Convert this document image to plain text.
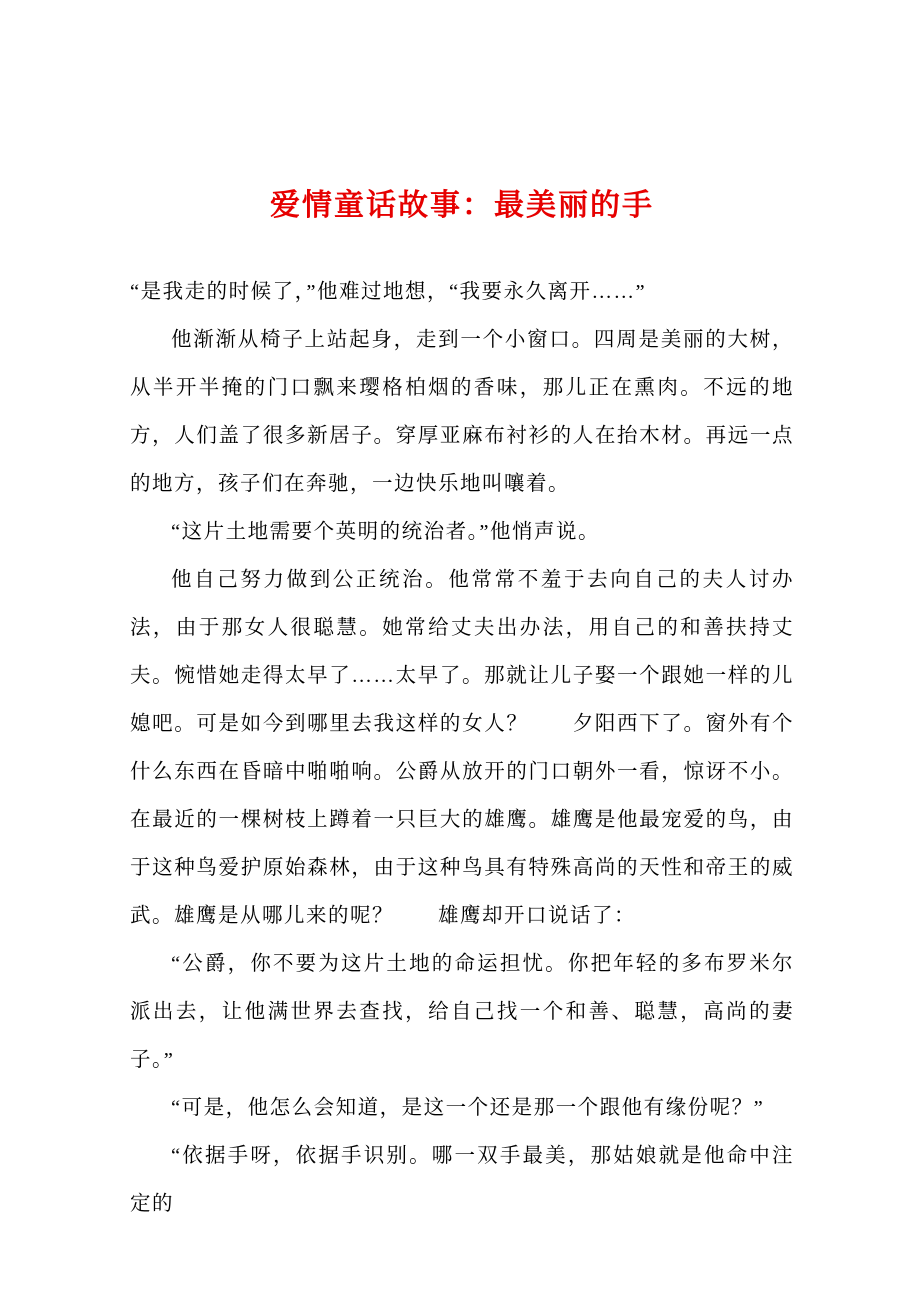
爱情童话故事：最美丽的手

“是我走的时候了，”他难过地想，“我要永久离开……”

他渐渐从椅子上站起身，走到一个小窗口。四周是美丽的大树，从半开半掩的门口飘来璎格柏烟的香味，那儿正在熏肉。不远的地方，人们盖了很多新居子。穿厚亚麻布衬衫的人在抬木材。再远一点的地方，孩子们在奔驰，一边快乐地叫嚷着。

“这片土地需要个英明的统治者。”他悄声说。

他自己努力做到公正统治。他常常不羞于去向自己的夫人讨办法，由于那女人很聪慧。她常给丈夫出办法，用自己的和善扶持丈夫。惋惜她走得太早了……太早了。那就让儿子娶一个跟她一样的儿媳吧。可是如今到哪里去我这样的女人？　　夕阳西下了。窗外有个什么东西在昏暗中啪啪响。公爵从放开的门口朝外一看，惊讶不小。在最近的一棵树枝上蹲着一只巨大的雄鹰。雄鹰是他最宠爱的鸟，由于这种鸟爱护原始森林，由于这种鸟具有特殊高尚的天性和帝王的威武。雄鹰是从哪儿来的呢？　　雄鹰却开口说话了：

“公爵，你不要为这片土地的命运担忧。你把年轻的多布罗米尔派出去，让他满世界去查找，给自己找一个和善、聪慧，高尚的妻子。”

“可是，他怎么会知道，是这一个还是那一个跟他有缘份呢？”

“依据手呀，依据手识别。哪一双手最美，那姑娘就是他命中注定的
